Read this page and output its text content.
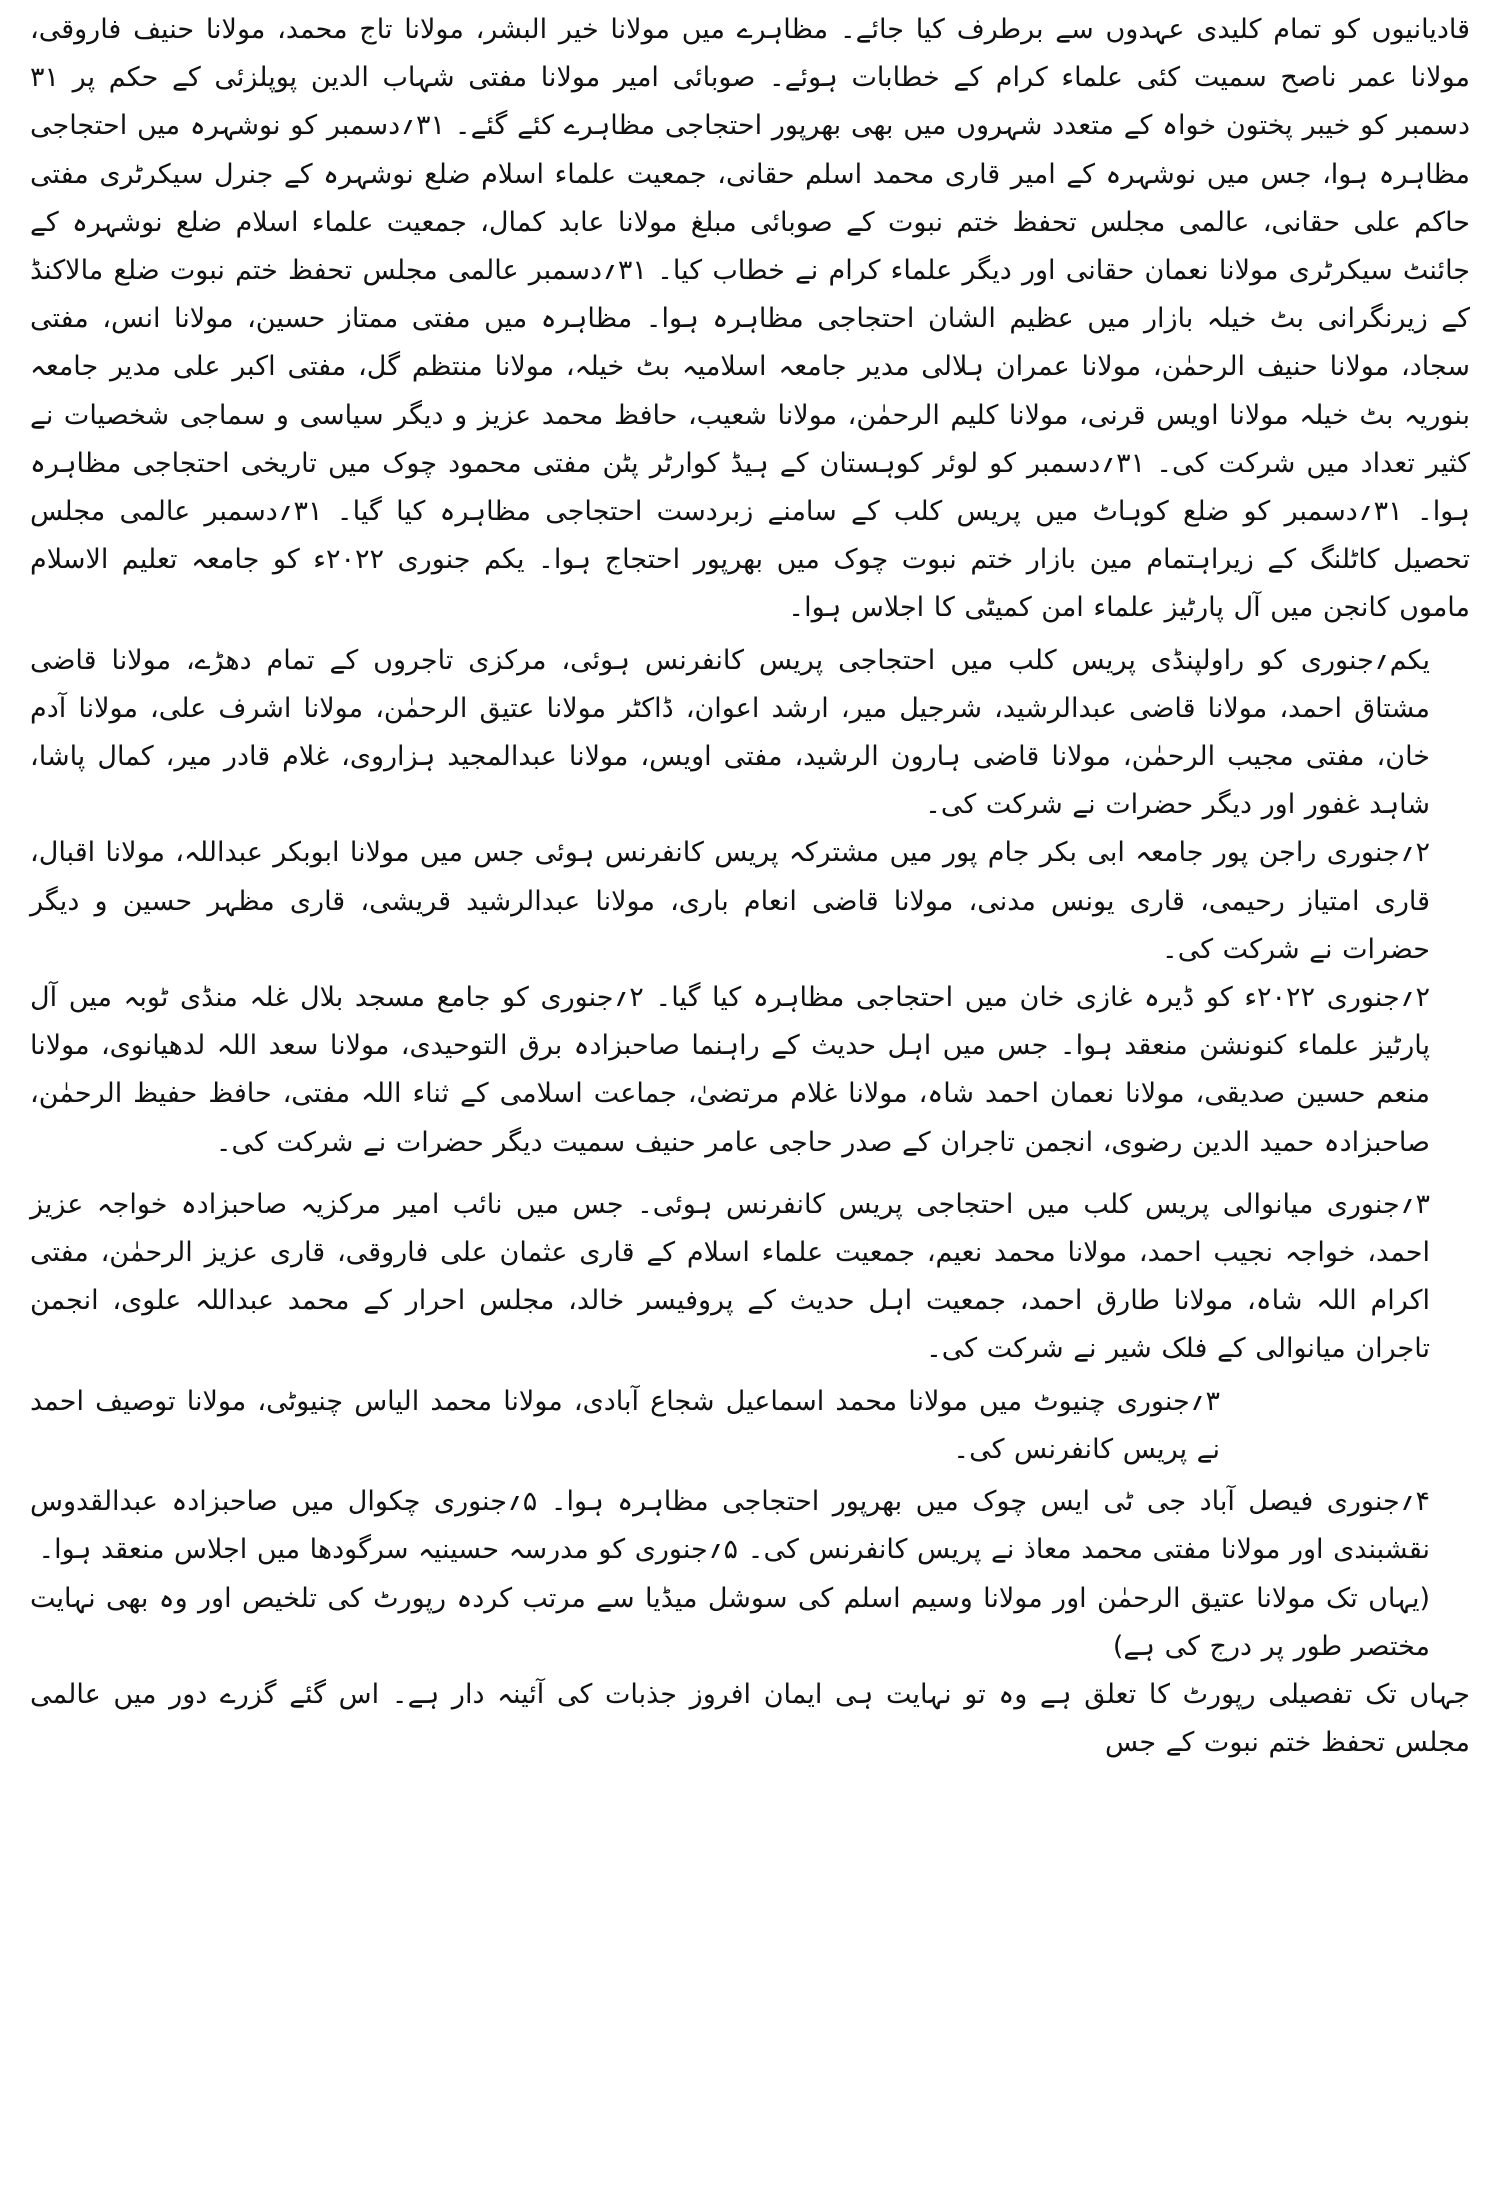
قادیانیوں کو تمام کلیدی عہدوں سے برطرف کیا جائے۔ مظاہرے میں مولانا خیر البشر، مولانا تاج محمد، مولانا حنیف فاروقی، مولانا عمر ناصح سمیت کئی علماء کرام کے خطابات ہوئے۔ صوبائی امیر مولانا مفتی شہاب الدین پوپلزئی کے حکم پر ۳۱ دسمبر کو خیبر پختون خواہ کے متعدد شہروں میں بھی بھرپور احتجاجی مظاہرے کئے گئے۔ ۳۱؍دسمبر کو نوشہرہ میں احتجاجی مظاہرہ ہوا، جس میں نوشہرہ کے امیر قاری محمد اسلم حقانی، جمعیت علماء اسلام ضلع نوشہرہ کے جنرل سیکرٹری مفتی حاکم علی حقانی، عالمی مجلس تحفظ ختم نبوت کے صوبائی مبلغ مولانا عابد کمال، جمعیت علماء اسلام ضلع نوشہرہ کے جائنٹ سیکرٹری مولانا نعمان حقانی اور دیگر علماء کرام نے خطاب کیا۔ ۳۱؍دسمبر عالمی مجلس تحفظ ختم نبوت ضلع مالاکنڈ کے زیرنگرانی بٹ خیلہ بازار میں عظیم الشان احتجاجی مظاہرہ ہوا۔ مظاہرہ میں مفتی ممتاز حسین، مولانا انس، مفتی سجاد، مولانا حنیف الرحمٰن، مولانا عمران ہلالی مدیر جامعہ اسلامیہ بٹ خیلہ، مولانا منتظم گل، مفتی اکبر علی مدیر جامعہ بنوریہ بٹ خیلہ مولانا اویس قرنی، مولانا کلیم الرحمٰن، مولانا شعیب، حافظ محمد عزیز و دیگر سیاسی و سماجی شخصیات نے کثیر تعداد میں شرکت کی۔ ۳۱؍دسمبر کو لوئر کوہستان کے ہیڈ کوارٹر پٹن مفتی محمود چوک میں تاریخی احتجاجی مظاہرہ ہوا۔ ۳۱؍دسمبر کو ضلع کوہاٹ میں پریس کلب کے سامنے زبردست احتجاجی مظاہرہ کیا گیا۔ ۳۱؍دسمبر عالمی مجلس تحصیل کاٹلنگ کے زیراہتمام مین بازار ختم نبوت چوک میں بھرپور احتجاج ہوا۔ یکم جنوری ۲۰۲۲ء کو جامعہ تعلیم الاسلام ماموں کانجن میں آل پارٹیز علماء امن کمیٹی کا اجلاس ہوا۔

یکم؍جنوری کو راولپنڈی پریس کلب میں احتجاجی پریس کانفرنس ہوئی، مرکزی تاجروں کے تمام دھڑے، مولانا قاضی مشتاق احمد، مولانا قاضی عبدالرشید، شرجیل میر، ارشد اعوان، ڈاکٹر مولانا عتیق الرحمٰن، مولانا اشرف علی، مولانا آدم خان، مفتی مجیب الرحمٰن، مولانا قاضی ہارون الرشید، مفتی اویس، مولانا عبدالمجید ہزاروی، غلام قادر میر، کمال پاشا، شاہد غفور اور دیگر حضرات نے شرکت کی۔

۲؍جنوری راجن پور جامعہ ابی بکر جام پور میں مشترکہ پریس کانفرنس ہوئی جس میں مولانا ابوبکر عبداللہ، مولانا اقبال، قاری امتیاز رحیمی، قاری یونس مدنی، مولانا قاضی انعام باری، مولانا عبدالرشید قریشی، قاری مظہر حسین و دیگر حضرات نے شرکت کی۔

۲؍جنوری ۲۰۲۲ء کو ڈیرہ غازی خان میں احتجاجی مظاہرہ کیا گیا۔ ۲؍جنوری کو جامع مسجد بلال غلہ منڈی ٹوبہ میں آل پارٹیز علماء کنونشن منعقد ہوا۔ جس میں اہل حدیث کے راہنما صاحبزادہ برق التوحیدی، مولانا سعد اللہ لدھیانوی، مولانا منعم حسین صدیقی، مولانا نعمان احمد شاہ، مولانا غلام مرتضیٰ، جماعت اسلامی کے ثناء اللہ مفتی، حافظ حفیظ الرحمٰن، صاحبزادہ حمید الدین رضوی، انجمن تاجران کے صدر حاجی عامر حنیف سمیت دیگر حضرات نے شرکت کی۔

۳؍جنوری میانوالی پریس کلب میں احتجاجی پریس کانفرنس ہوئی۔ جس میں نائب امیر مرکزیہ صاحبزادہ خواجہ عزیز احمد، خواجہ نجیب احمد، مولانا محمد نعیم، جمعیت علماء اسلام کے قاری عثمان علی فاروقی، قاری عزیز الرحمٰن، مفتی اکرام اللہ شاہ، مولانا طارق احمد، جمعیت اہل حدیث کے پروفیسر خالد، مجلس احرار کے محمد عبداللہ علوی، انجمن تاجران میانوالی کے فلک شیر نے شرکت کی۔

۳؍جنوری چنیوٹ میں مولانا محمد اسماعیل شجاع آبادی، مولانا محمد الیاس چنیوٹی، مولانا توصیف احمد نے پریس کانفرنس کی۔

۴؍جنوری فیصل آباد جی ٹی ایس چوک میں بھرپور احتجاجی مظاہرہ ہوا۔ ۵؍جنوری چکوال میں صاحبزادہ عبدالقدوس نقشبندی اور مولانا مفتی محمد معاذ نے پریس کانفرنس کی۔ ۵؍جنوری کو مدرسہ حسینیہ سرگودھا میں اجلاس منعقد ہوا۔

(یہاں تک مولانا عتیق الرحمٰن اور مولانا وسیم اسلم کی سوشل میڈیا سے مرتب کردہ رپورٹ کی تلخیص اور وہ بھی نہایت مختصر طور پر درج کی ہے)

جہاں تک تفصیلی رپورٹ کا تعلق ہے وہ تو نہایت ہی ایمان افروز جذبات کی آئینہ دار ہے۔ اس گئے گزرے دور میں عالمی مجلس تحفظ ختم نبوت کے جس
